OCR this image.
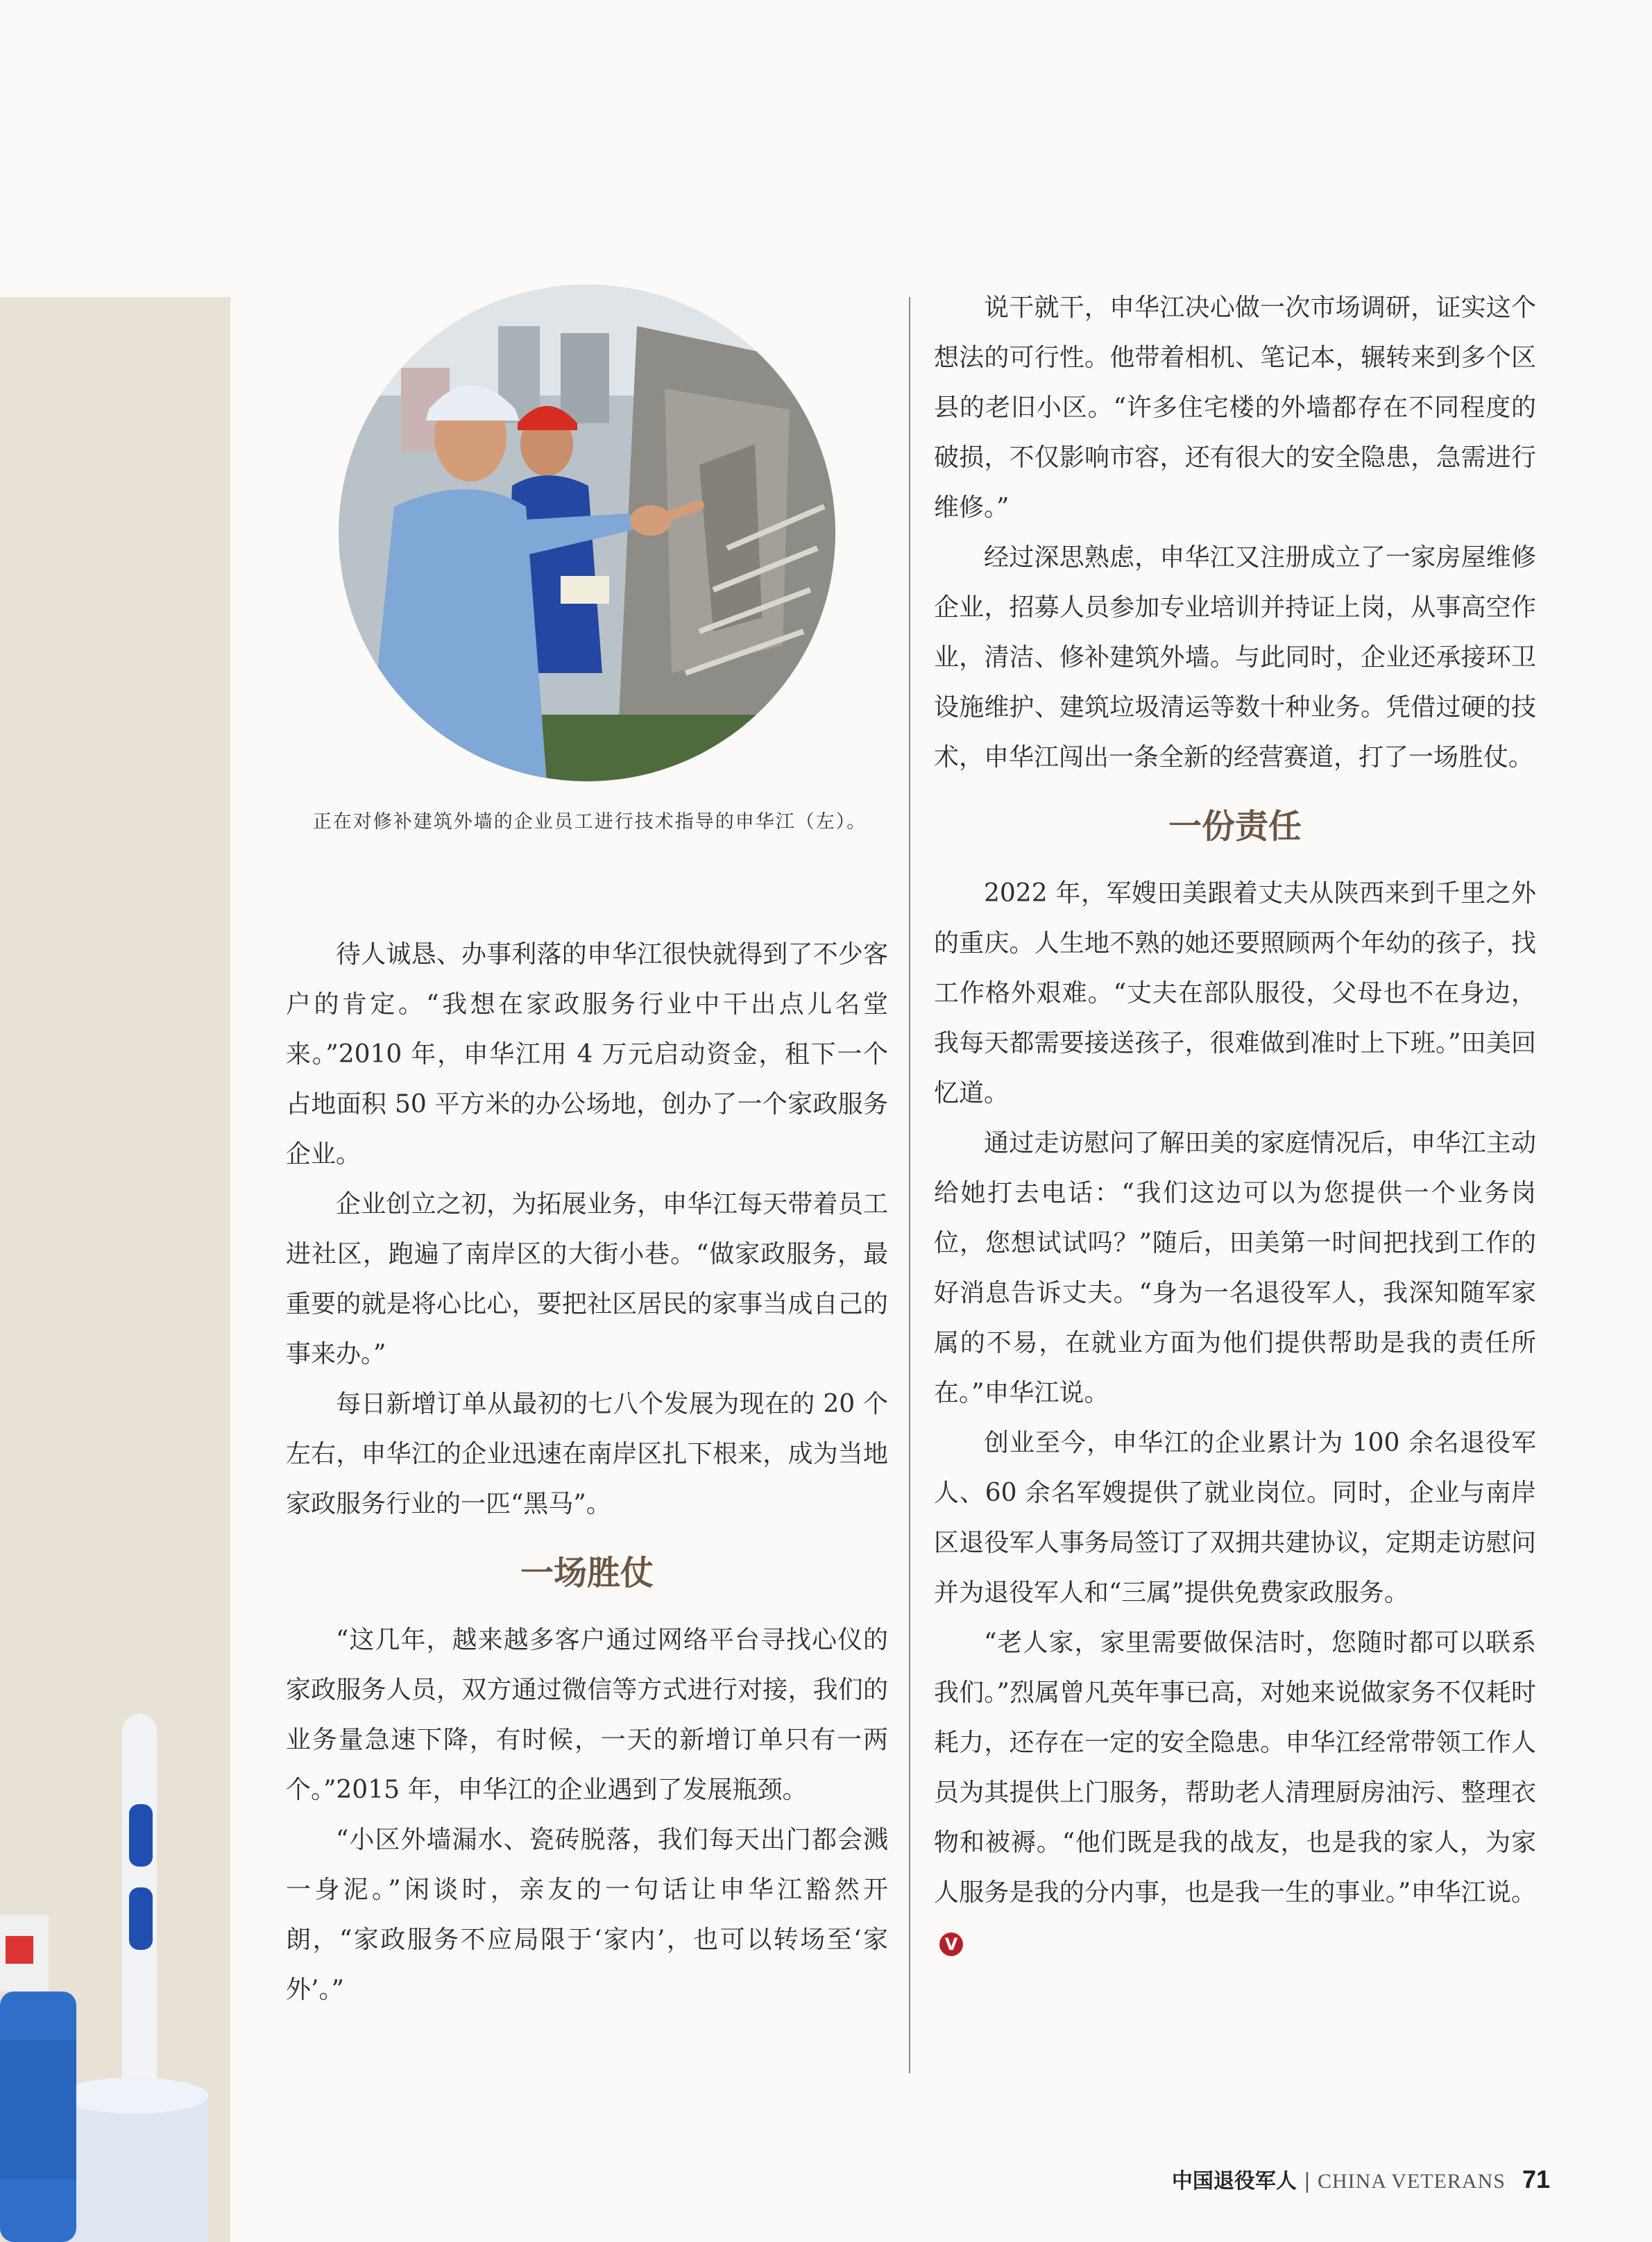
正在对修补建筑外墙的企业员工进行技术指导的申华江（左）。

待人诚恳、办事利落的申华江很快就得到了不少客户的肯定。“我想在家政服务行业中干出点儿名堂来。”2010 年，申华江用 4 万元启动资金，租下一个占地面积 50 平方米的办公场地，创办了一个家政服务企业。

企业创立之初，为拓展业务，申华江每天带着员工进社区，跑遍了南岸区的大街小巷。“做家政服务，最重要的就是将心比心，要把社区居民的家事当成自己的事来办。”

每日新增订单从最初的七八个发展为现在的 20 个左右，申华江的企业迅速在南岸区扎下根来，成为当地家政服务行业的一匹“黑马”。

一场胜仗

“这几年，越来越多客户通过网络平台寻找心仪的家政服务人员，双方通过微信等方式进行对接，我们的业务量急速下降，有时候，一天的新增订单只有一两个。”2015 年，申华江的企业遇到了发展瓶颈。

“小区外墙漏水、瓷砖脱落，我们每天出门都会溅一身泥。”闲谈时，亲友的一句话让申华江豁然开朗，“家政服务不应局限于‘家内’，也可以转场至‘家外’。”

说干就干，申华江决心做一次市场调研，证实这个想法的可行性。他带着相机、笔记本，辗转来到多个区县的老旧小区。“许多住宅楼的外墙都存在不同程度的破损，不仅影响市容，还有很大的安全隐患，急需进行维修。”

经过深思熟虑，申华江又注册成立了一家房屋维修企业，招募人员参加专业培训并持证上岗，从事高空作业，清洁、修补建筑外墙。与此同时，企业还承接环卫设施维护、建筑垃圾清运等数十种业务。凭借过硬的技术，申华江闯出一条全新的经营赛道，打了一场胜仗。

一份责任

2022 年，军嫂田美跟着丈夫从陕西来到千里之外的重庆。人生地不熟的她还要照顾两个年幼的孩子，找工作格外艰难。“丈夫在部队服役，父母也不在身边，我每天都需要接送孩子，很难做到准时上下班。”田美回忆道。

通过走访慰问了解田美的家庭情况后，申华江主动给她打去电话：“我们这边可以为您提供一个业务岗位，您想试试吗？”随后，田美第一时间把找到工作的好消息告诉丈夫。“身为一名退役军人，我深知随军家属的不易，在就业方面为他们提供帮助是我的责任所在。”申华江说。

创业至今，申华江的企业累计为 100 余名退役军人、60 余名军嫂提供了就业岗位。同时，企业与南岸区退役军人事务局签订了双拥共建协议，定期走访慰问并为退役军人和“三属”提供免费家政服务。

“老人家，家里需要做保洁时，您随时都可以联系我们。”烈属曾凡英年事已高，对她来说做家务不仅耗时耗力，还存在一定的安全隐患。申华江经常带领工作人员为其提供上门服务，帮助老人清理厨房油污、整理衣物和被褥。“他们既是我的战友，也是我的家人，为家人服务是我的分内事，也是我一生的事业。”申华江说。V

中国退役军人 | CHINA VETERANS 71
